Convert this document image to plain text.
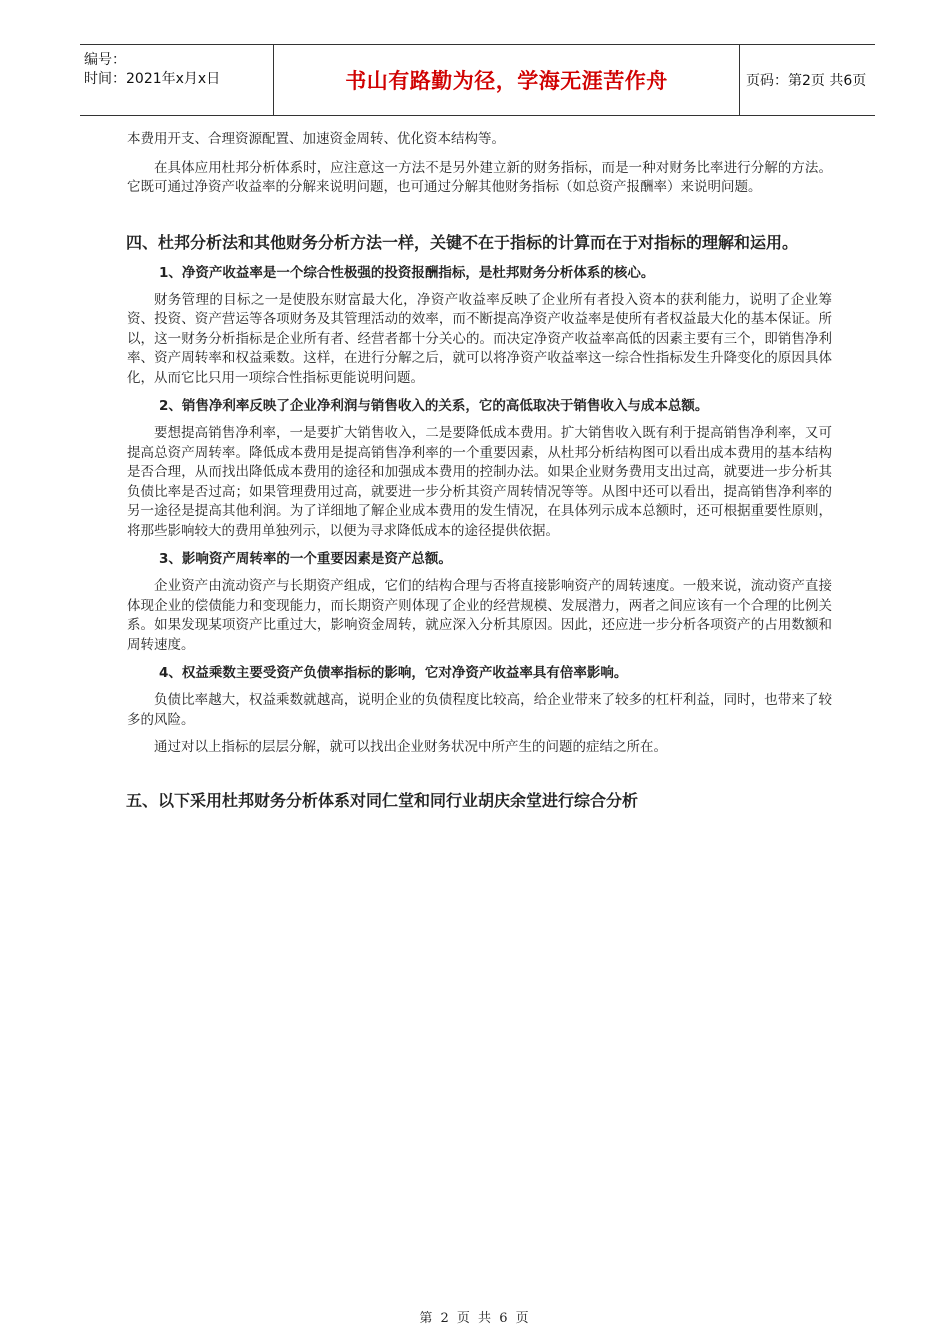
编号：
时间：2021年x月x日	书山有路勤为径，学海无涯苦作舟	页码：第2页 共6页

本费用开支、合理资源配置、加速资金周转、优化资本结构等。

在具体应用杜邦分析体系时，应注意这一方法不是另外建立新的财务指标，而是一种对财务比率进行分解的方法。它既可通过净资产收益率的分解来说明问题，也可通过分解其他财务指标（如总资产报酬率）来说明问题。

四、杜邦分析法和其他财务分析方法一样，关键不在于指标的计算而在于对指标的理解和运用。

1、净资产收益率是一个综合性极强的投资报酬指标，是杜邦财务分析体系的核心。

财务管理的目标之一是使股东财富最大化，净资产收益率反映了企业所有者投入资本的获利能力，说明了企业筹资、投资、资产营运等各项财务及其管理活动的效率，而不断提高净资产收益率是使所有者权益最大化的基本保证。所以，这一财务分析指标是企业所有者、经营者都十分关心的。而决定净资产收益率高低的因素主要有三个，即销售净利率、资产周转率和权益乘数。这样，在进行分解之后，就可以将净资产收益率这一综合性指标发生升降变化的原因具体化，从而它比只用一项综合性指标更能说明问题。

2、销售净利率反映了企业净利润与销售收入的关系，它的高低取决于销售收入与成本总额。

要想提高销售净利率，一是要扩大销售收入，二是要降低成本费用。扩大销售收入既有利于提高销售净利率，又可提高总资产周转率。降低成本费用是提高销售净利率的一个重要因素，从杜邦分析结构图可以看出成本费用的基本结构是否合理，从而找出降低成本费用的途径和加强成本费用的控制办法。如果企业财务费用支出过高，就要进一步分析其负债比率是否过高；如果管理费用过高，就要进一步分析其资产周转情况等等。从图中还可以看出，提高销售净利率的另一途径是提高其他利润。为了详细地了解企业成本费用的发生情况，在具体列示成本总额时，还可根据重要性原则，将那些影响较大的费用单独列示，以便为寻求降低成本的途径提供依据。

3、影响资产周转率的一个重要因素是资产总额。

企业资产由流动资产与长期资产组成，它们的结构合理与否将直接影响资产的周转速度。一般来说，流动资产直接体现企业的偿债能力和变现能力，而长期资产则体现了企业的经营规模、发展潜力，两者之间应该有一个合理的比例关系。如果发现某项资产比重过大，影响资金周转，就应深入分析其原因。因此，还应进一步分析各项资产的占用数额和周转速度。

4、权益乘数主要受资产负债率指标的影响，它对净资产收益率具有倍率影响。

负债比率越大，权益乘数就越高，说明企业的负债程度比较高，给企业带来了较多的杠杆利益，同时，也带来了较多的风险。

通过对以上指标的层层分解，就可以找出企业财务状况中所产生的问题的症结之所在。

五、以下采用杜邦财务分析体系对同仁堂和同行业胡庆余堂进行综合分析

第 2 页 共 6 页
